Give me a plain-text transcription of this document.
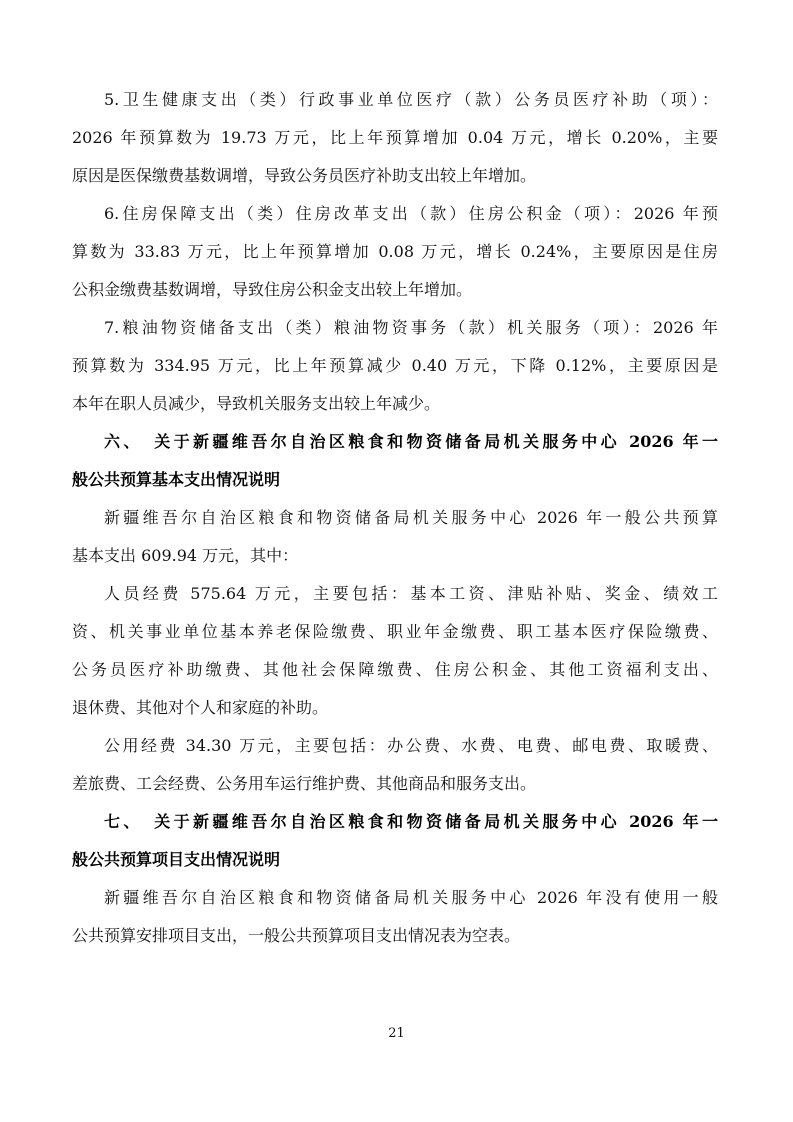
5.卫生健康支出（类）行政事业单位医疗（款）公务员医疗补助（项）：
2026 年预算数为 19.73 万元，比上年预算增加 0.04 万元，增长 0.20%，主要
原因是医保缴费基数调增，导致公务员医疗补助支出较上年增加。
6.住房保障支出（类）住房改革支出（款）住房公积金（项）：2026 年预
算数为 33.83 万元，比上年预算增加 0.08 万元，增长 0.24%，主要原因是住房
公积金缴费基数调增，导致住房公积金支出较上年增加。
7.粮油物资储备支出（类）粮油物资事务（款）机关服务（项）：2026 年
预算数为 334.95 万元，比上年预算减少 0.40 万元，下降 0.12%，主要原因是
本年在职人员减少，导致机关服务支出较上年减少。
六、　关于新疆维吾尔自治区粮食和物资储备局机关服务中心 2026 年一
般公共预算基本支出情况说明
新疆维吾尔自治区粮食和物资储备局机关服务中心 2026 年一般公共预算
基本支出 609.94 万元，其中：
人员经费 575.64 万元，主要包括：基本工资、津贴补贴、奖金、绩效工
资、机关事业单位基本养老保险缴费、职业年金缴费、职工基本医疗保险缴费、
公务员医疗补助缴费、其他社会保障缴费、住房公积金、其他工资福利支出、
退休费、其他对个人和家庭的补助。
公用经费 34.30 万元，主要包括：办公费、水费、电费、邮电费、取暖费、
差旅费、工会经费、公务用车运行维护费、其他商品和服务支出。
七、　关于新疆维吾尔自治区粮食和物资储备局机关服务中心 2026 年一
般公共预算项目支出情况说明
新疆维吾尔自治区粮食和物资储备局机关服务中心 2026 年没有使用一般
公共预算安排项目支出，一般公共预算项目支出情况表为空表。
21
